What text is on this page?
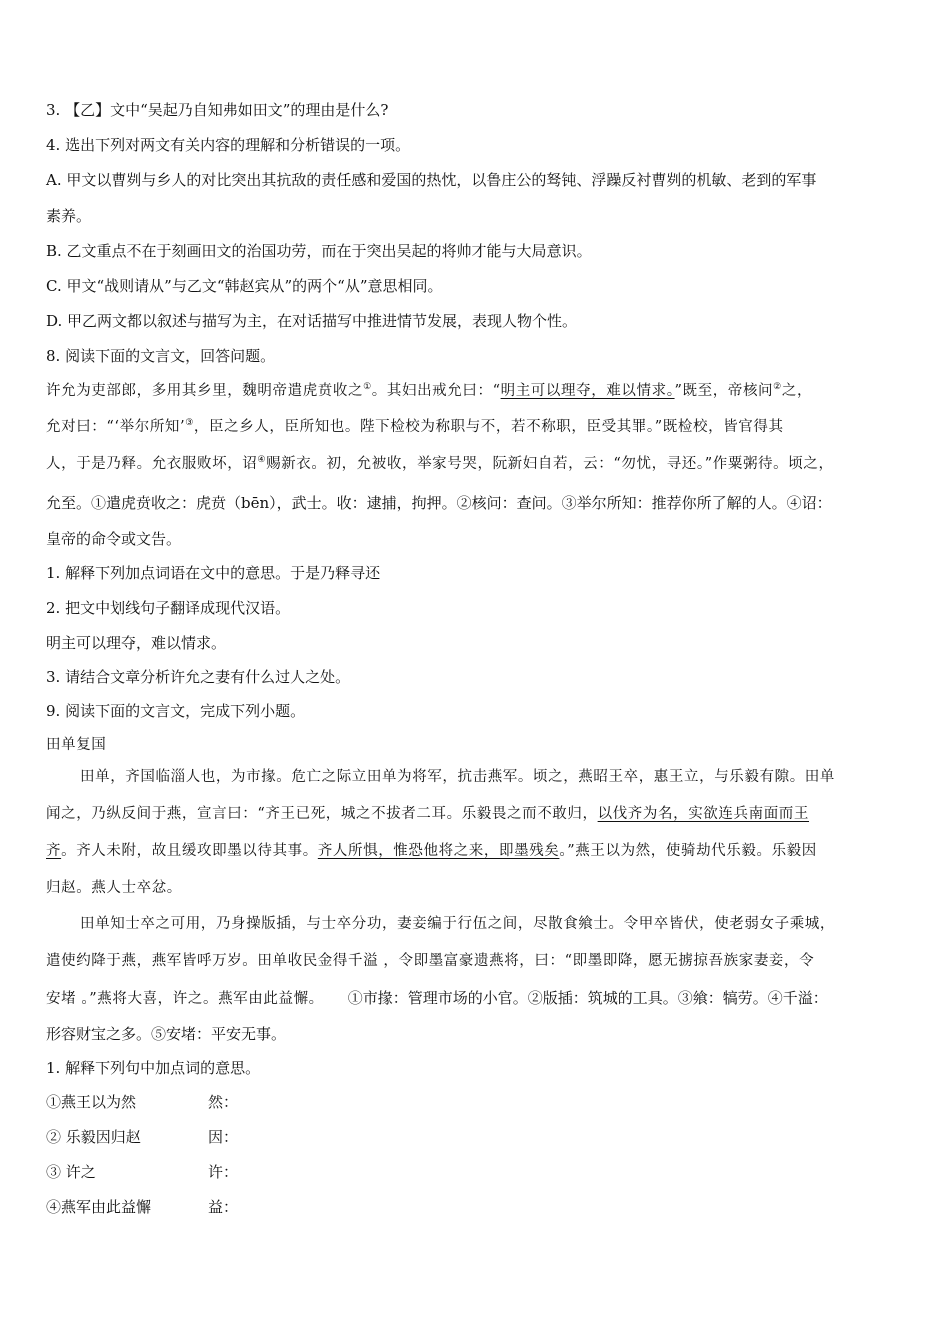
3. 【乙】文中“吴起乃自知弗如田文”的理由是什么?
4. 选出下列对两文有关内容的理解和分析错误的一项。
A. 甲文以曹刿与乡人的对比突出其抗敌的责任感和爱国的热忱，以鲁庄公的驽钝、浮躁反衬曹刿的机敏、老到的军事
素养。
B. 乙文重点不在于刻画田文的治国功劳，而在于突出吴起的将帅才能与大局意识。
C. 甲文“战则请从”与乙文“韩赵宾从”的两个“从”意思相同。
D. 甲乙两文都以叙述与描写为主，在对话描写中推进情节发展，表现人物个性。
8. 阅读下面的文言文，回答问题。
许允为吏部郎，多用其乡里，魏明帝遣虎贲收之①。其妇出戒允曰：“明主可以理夺，难以情求。”既至，帝核问②之，
允对曰：“‘举尔所知’③，臣之乡人，臣所知也。陛下检校为称职与不，若不称职，臣受其罪。”既检校，皆官得其
人，于是乃释。允衣服败坏，诏④赐新衣。初，允被收，举家号哭，阮新妇自若，云：“勿忧，寻还。”作粟粥待。顷之，
允至。①遣虎贲收之：虎贲（bēn），武士。收：逮捕，拘押。②核问：查问。③举尔所知：推荐你所了解的人。④诏：
皇帝的命令或文告。
1. 解释下列加点词语在文中的意思。于是乃释寻还
2. 把文中划线句子翻译成现代汉语。
明主可以理夺，难以情求。
3. 请结合文章分析许允之妻有什么过人之处。
9. 阅读下面的文言文，完成下列小题。
田单复国
田单，齐国临淄人也，为市掾。危亡之际立田单为将军，抗击燕军。顷之，燕昭王卒，惠王立，与乐毅有隙。田单
闻之，乃纵反间于燕，宣言曰：“齐王已死，城之不拔者二耳。乐毅畏之而不敢归，以伐齐为名，实欲连兵南面而王
齐。齐人未附，故且缓攻即墨以待其事。齐人所惧，惟恐他将之来，即墨残矣。”燕王以为然，使骑劫代乐毅。乐毅因
归赵。燕人士卒忿。
田单知士卒之可用，乃身操版插，与士卒分功，妻妾编于行伍之间，尽散食飨士。令甲卒皆伏，使老弱女子乘城，
遣使约降于燕，燕军皆呼万岁。田单收民金得千溢 ，令即墨富豪遗燕将，曰：“即墨即降，愿无掳掠吾族家妻妾，令
安堵 。”燕将大喜，许之。燕军由此益懈。 ①市掾：管理市场的小官。②版插：筑城的工具。③飨：犒劳。④千溢：
形容财宝之多。⑤安堵：平安无事。
1. 解释下列句中加点词的意思。
①燕王以为然	然：
② 乐毅因归赵	因：
③ 许之	许：
④燕军由此益懈	益：
